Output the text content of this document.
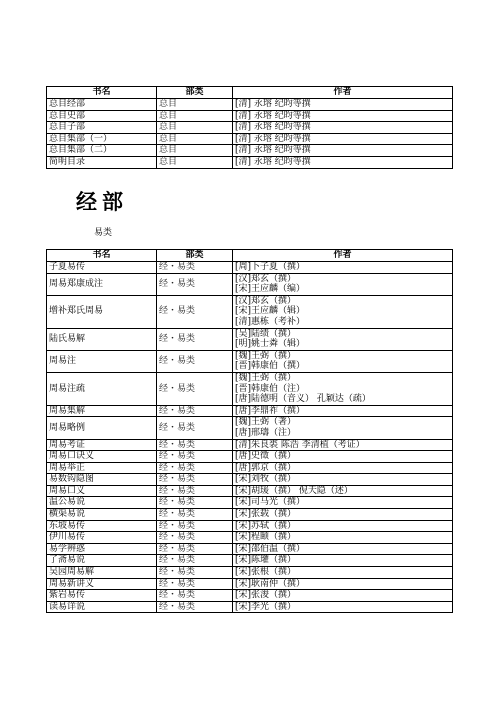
书名	部类	作者
总目经部	总目	[清] 永瑢 纪昀等撰

总目史部	总目	[清] 永瑢 纪昀等撰

总目子部	总目	[清] 永瑢 纪昀等撰

总目集部（一）	总目	[清] 永瑢 纪昀等撰

总目集部（二）	总目	[清] 永瑢 纪昀等撰

简明目录	总目	[清] 永瑢 纪昀等撰
经部
易类
书名	部类	作者
子夏易传	经・易类	[周]卜子夏（撰）

周易郑康成注	经・易类	[汉]郑玄（撰）
[宋]王应麟（编）

增补郑氏周易	经・易类	[汉]郑玄（撰）
[宋]王应麟（辑）
[清]惠栋（考补）

陆氏易解	经・易类	[吴]陆绩（撰）
[明]姚士粦（辑）

周易注	经・易类	[魏]王弼（撰）
[晋]韩康伯（撰）

周易注疏	经・易类	[魏]王弼（撰）
[晋]韩康伯（注）
[唐]陆德明（音义） 孔颖达（疏）

周易集解	经・易类	[唐]李鼎祚（撰）

周易略例	经・易类	[魏]王弼（著）
[唐]邢璹（注）

周易考证	经・易类	[清]朱良裘 陈浩 李清植（考证）

周易口诀义	经・易类	[唐]史徵（撰）

周易举正	经・易类	[唐]郭京（撰）

易数钩隐图	经・易类	[宋]刘牧（撰）

周易口义	经・易类	[宋]胡瑗（撰） 倪天隐（述）

温公易说	经・易类	[宋]司马光（撰）

横渠易说	经・易类	[宋]张载（撰）

东坡易传	经・易类	[宋]苏轼（撰）

伊川易传	经・易类	[宋]程颐（撰）

易学辨惑	经・易类	[宋]邵伯温（撰）

了斋易说	经・易类	[宋]陈瓘（撰）

吴园周易解	经・易类	[宋]张根（撰）

周易新讲义	经・易类	[宋]耿南仲（撰）

紫岩易传	经・易类	[宋]张浚（撰）

读易详说	经・易类	[宋]李光（撰）
